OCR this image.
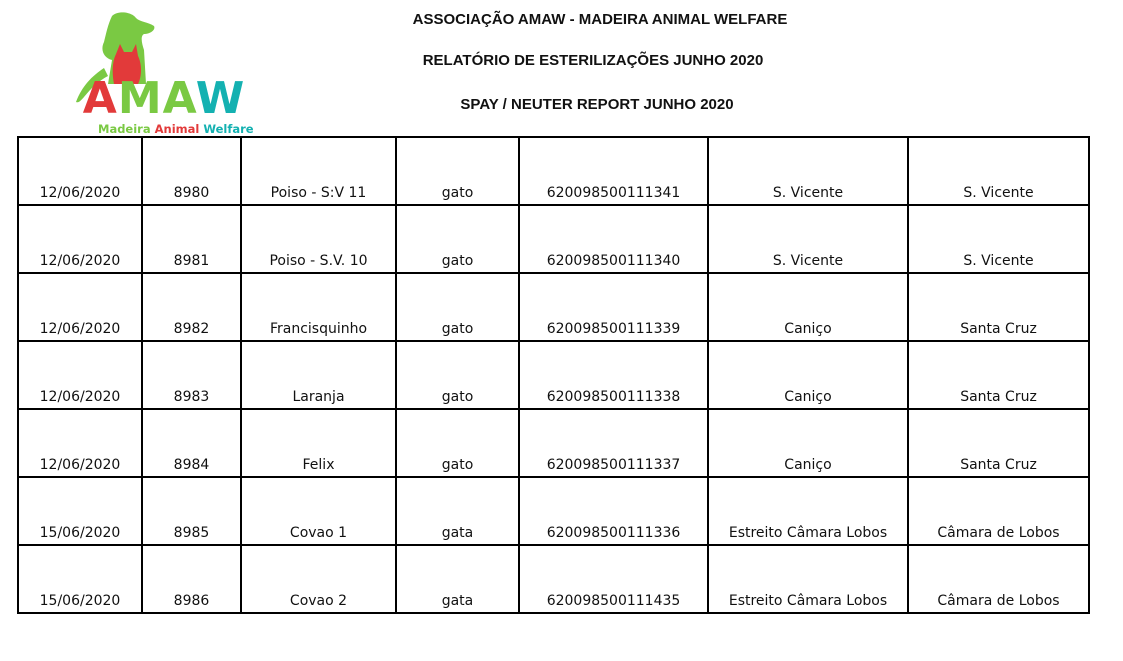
AMAW
Madeira Animal Welfare
ASSOCIAÇÃO AMAW - MADEIRA ANIMAL WELFARE
RELATÓRIO DE ESTERILIZAÇÕES JUNHO 2020
SPAY / NEUTER REPORT JUNHO 2020
12/06/2020	8980	Poiso - S:V 11	gato	620098500111341	S. Vicente	S. Vicente
12/06/2020	8981	Poiso - S.V. 10	gato	620098500111340	S. Vicente	S. Vicente
12/06/2020	8982	Francisquinho	gato	620098500111339	Caniço	Santa Cruz
12/06/2020	8983	Laranja	gato	620098500111338	Caniço	Santa Cruz
12/06/2020	8984	Felix	gato	620098500111337	Caniço	Santa Cruz
15/06/2020	8985	Covao 1	gata	620098500111336	Estreito Câmara Lobos	Câmara de Lobos
15/06/2020	8986	Covao 2	gata	620098500111435	Estreito Câmara Lobos	Câmara de Lobos
